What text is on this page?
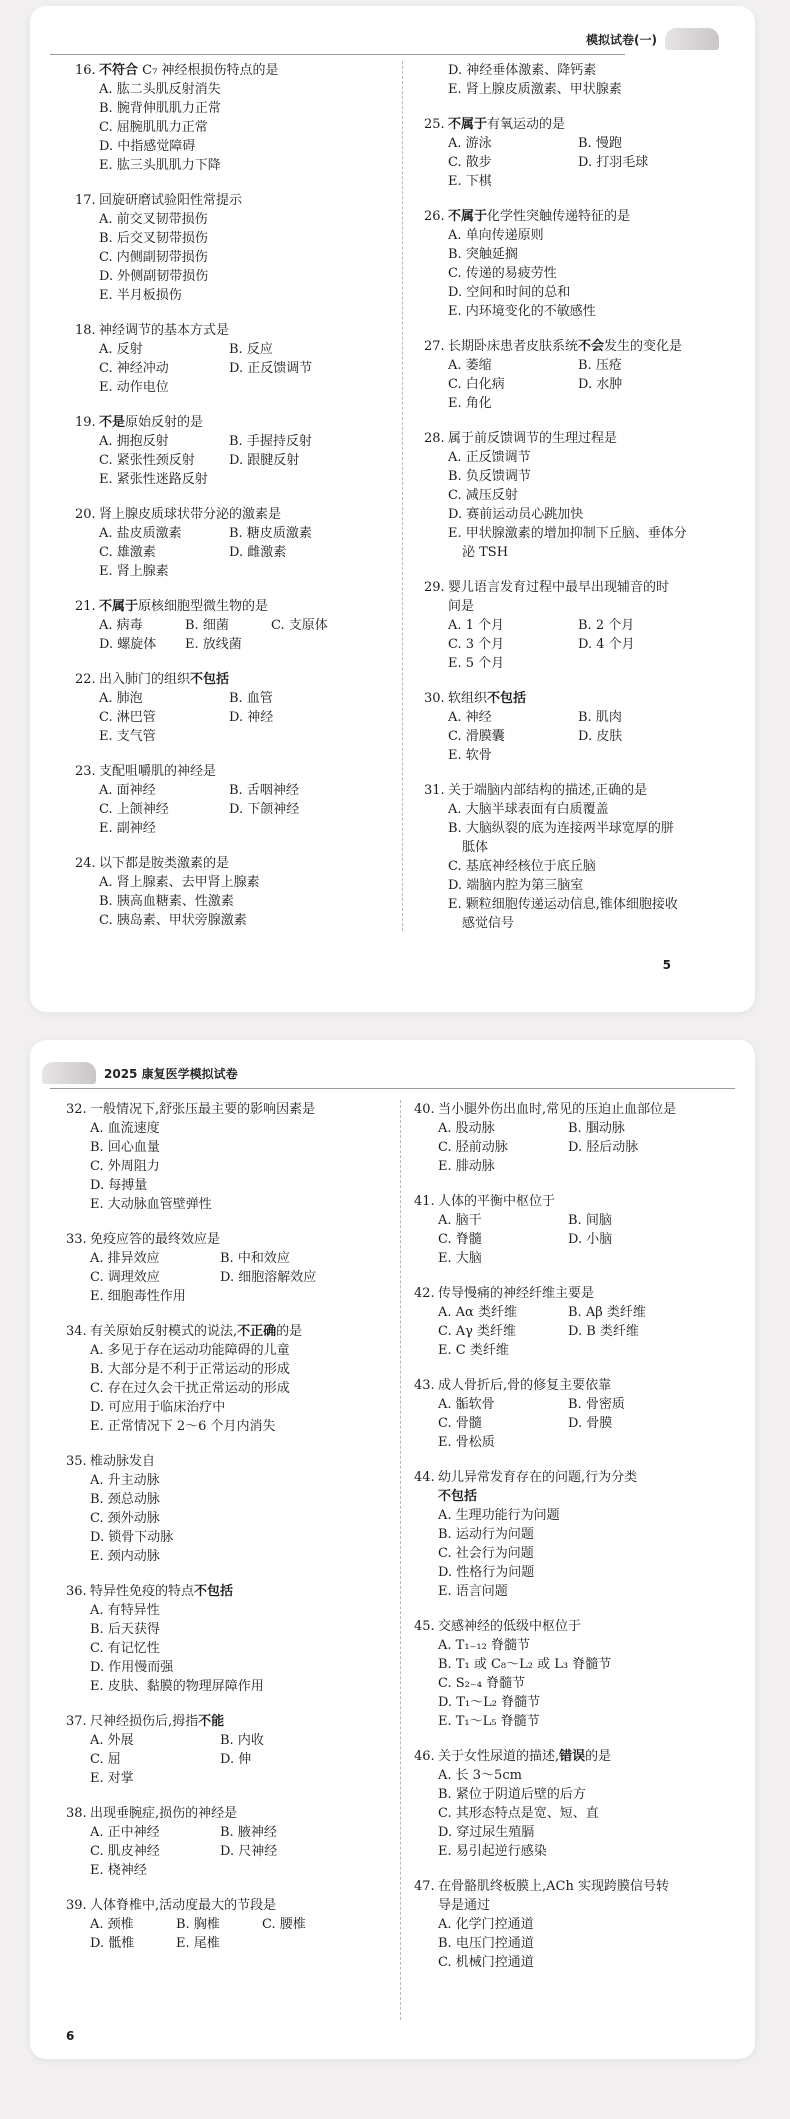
模拟试卷(一)
16. 不符合 C₇ 神经根损伤特点的是
A. 肱二头肌反射消失
B. 腕背伸肌肌力正常
C. 屈腕肌肌力正常
D. 中指感觉障碍
E. 肱三头肌肌力下降
17. 回旋研磨试验阳性常提示
A. 前交叉韧带损伤
B. 后交叉韧带损伤
C. 内侧副韧带损伤
D. 外侧副韧带损伤
E. 半月板损伤
18. 神经调节的基本方式是
A. 反射	B. 反应
C. 神经冲动	D. 正反馈调节
E. 动作电位
19. 不是原始反射的是
A. 拥抱反射	B. 手握持反射
C. 紧张性颈反射	D. 跟腱反射
E. 紧张性迷路反射
20. 肾上腺皮质球状带分泌的激素是
A. 盐皮质激素	B. 糖皮质激素
C. 雄激素	D. 雌激素
E. 肾上腺素
21. 不属于原核细胞型微生物的是
A. 病毒	B. 细菌	C. 支原体
D. 螺旋体	E. 放线菌
22. 出入肺门的组织不包括
A. 肺泡	B. 血管
C. 淋巴管	D. 神经
E. 支气管
23. 支配咀嚼肌的神经是
A. 面神经	B. 舌咽神经
C. 上颌神经	D. 下颌神经
E. 副神经
24. 以下都是胺类激素的是
A. 肾上腺素、去甲肾上腺素
B. 胰高血糖素、性激素
C. 胰岛素、甲状旁腺激素
D. 神经垂体激素、降钙素
E. 肾上腺皮质激素、甲状腺素
25. 不属于有氧运动的是
A. 游泳	B. 慢跑
C. 散步	D. 打羽毛球
E. 下棋
26. 不属于化学性突触传递特征的是
A. 单向传递原则
B. 突触延搁
C. 传递的易疲劳性
D. 空间和时间的总和
E. 内环境变化的不敏感性
27. 长期卧床患者皮肤系统不会发生的变化是
A. 萎缩	B. 压疮
C. 白化病	D. 水肿
E. 角化
28. 属于前反馈调节的生理过程是
A. 正反馈调节
B. 负反馈调节
C. 减压反射
D. 赛前运动员心跳加快
E. 甲状腺激素的增加抑制下丘脑、垂体分
泌 TSH
29. 婴儿语言发育过程中最早出现辅音的时
间是
A. 1 个月	B. 2 个月
C. 3 个月	D. 4 个月
E. 5 个月
30. 软组织不包括
A. 神经	B. 肌肉
C. 滑膜囊	D. 皮肤
E. 软骨
31. 关于端脑内部结构的描述,正确的是
A. 大脑半球表面有白质覆盖
B. 大脑纵裂的底为连接两半球宽厚的胼
胝体
C. 基底神经核位于底丘脑
D. 端脑内腔为第三脑室
E. 颗粒细胞传递运动信息,锥体细胞接收
感觉信号
5
2025 康复医学模拟试卷
32. 一般情况下,舒张压最主要的影响因素是
A. 血流速度
B. 回心血量
C. 外周阻力
D. 每搏量
E. 大动脉血管壁弹性
33. 免疫应答的最终效应是
A. 排异效应	B. 中和效应
C. 调理效应	D. 细胞溶解效应
E. 细胞毒性作用
34. 有关原始反射模式的说法,不正确的是
A. 多见于存在运动功能障碍的儿童
B. 大部分是不利于正常运动的形成
C. 存在过久会干扰正常运动的形成
D. 可应用于临床治疗中
E. 正常情况下 2～6 个月内消失
35. 椎动脉发自
A. 升主动脉
B. 颈总动脉
C. 颈外动脉
D. 锁骨下动脉
E. 颈内动脉
36. 特异性免疫的特点不包括
A. 有特异性
B. 后天获得
C. 有记忆性
D. 作用慢而强
E. 皮肤、黏膜的物理屏障作用
37. 尺神经损伤后,拇指不能
A. 外展	B. 内收
C. 屈	D. 伸
E. 对掌
38. 出现垂腕症,损伤的神经是
A. 正中神经	B. 腋神经
C. 肌皮神经	D. 尺神经
E. 桡神经
39. 人体脊椎中,活动度最大的节段是
A. 颈椎	B. 胸椎	C. 腰椎
D. 骶椎	E. 尾椎
40. 当小腿外伤出血时,常见的压迫止血部位是
A. 股动脉	B. 腘动脉
C. 胫前动脉	D. 胫后动脉
E. 腓动脉
41. 人体的平衡中枢位于
A. 脑干	B. 间脑
C. 脊髓	D. 小脑
E. 大脑
42. 传导慢痛的神经纤维主要是
A. Aα 类纤维	B. Aβ 类纤维
C. Aγ 类纤维	D. B 类纤维
E. C 类纤维
43. 成人骨折后,骨的修复主要依靠
A. 骺软骨	B. 骨密质
C. 骨髓	D. 骨膜
E. 骨松质
44. 幼儿异常发育存在的问题,行为分类
不包括
A. 生理功能行为问题
B. 运动行为问题
C. 社会行为问题
D. 性格行为问题
E. 语言问题
45. 交感神经的低级中枢位于
A. T₁₋₁₂ 脊髓节
B. T₁ 或 C₈～L₂ 或 L₃ 脊髓节
C. S₂₋₄ 脊髓节
D. T₁～L₂ 脊髓节
E. T₁～L₅ 脊髓节
46. 关于女性尿道的描述,错误的是
A. 长 3～5cm
B. 紧位于阴道后壁的后方
C. 其形态特点是宽、短、直
D. 穿过尿生殖膈
E. 易引起逆行感染
47. 在骨骼肌终板膜上,ACh 实现跨膜信号转
导是通过
A. 化学门控通道
B. 电压门控通道
C. 机械门控通道
6
